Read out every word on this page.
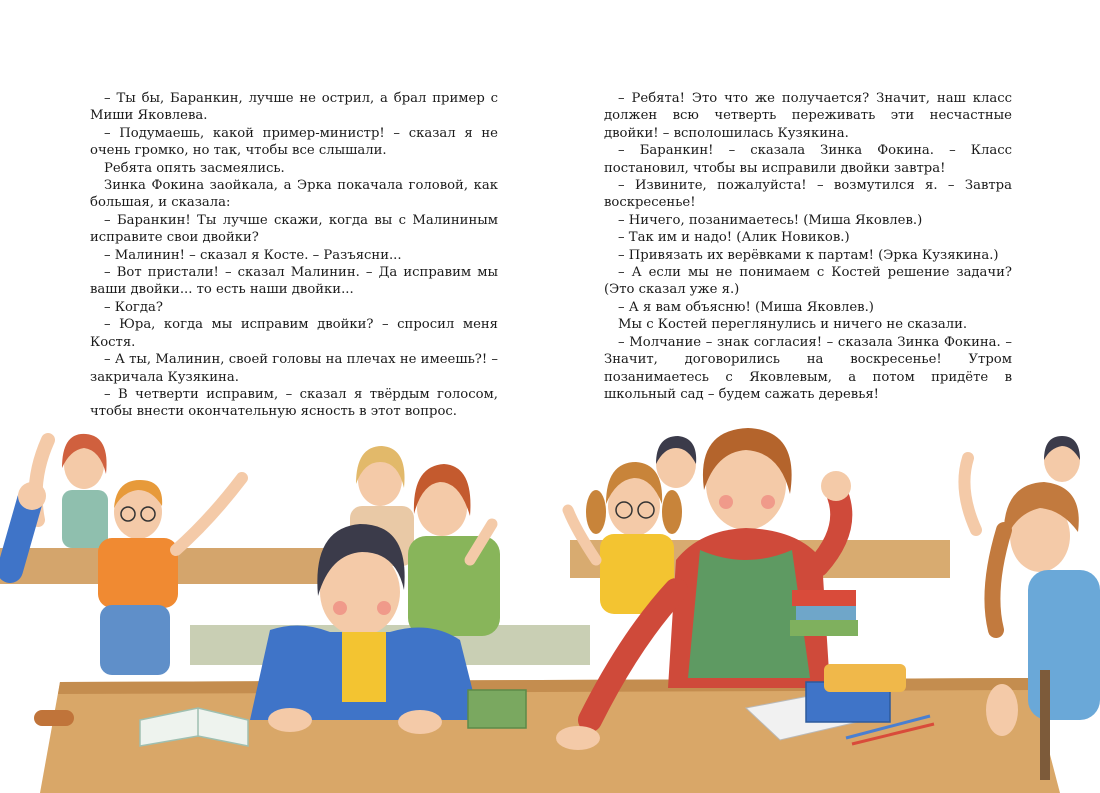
– Ты бы, Баранкин, лучше не острил, а брал пример с Миши Яковлева.

– Подумаешь, какой пример-министр! – сказал я не очень громко, но так, чтобы все слышали.

Ребята опять засмеялись.

Зинка Фокина заойкала, а Эрка покачала головой, как большая, и сказала:

– Баранкин! Ты лучше скажи, когда вы с Малининым исправите свои двойки?

– Малинин! – сказал я Косте. – Разъясни...

– Вот пристали! – сказал Малинин. – Да исправим мы ваши двойки... то есть наши двойки...

– Когда?

– Юра, когда мы исправим двойки? – спросил меня Костя.

– А ты, Малинин, своей головы на плечах не имеешь?! – закричала Кузякина.

– В четверти исправим, – сказал я твёрдым голосом, чтобы внести окончательную ясность в этот вопрос.

– Ребята! Это что же получается? Значит, наш класс должен всю четверть переживать эти несчастные двойки! – всполошилась Кузякина.

– Баранкин! – сказала Зинка Фокина. – Класс постановил, чтобы вы исправили двойки завтра!

– Извините, пожалуйста! – возмутился я. – Завтра воскресенье!

– Ничего, позанимаетесь! (Миша Яковлев.)

– Так им и надо! (Алик Новиков.)

– Привязать их верёвками к партам! (Эрка Кузякина.)

– А если мы не понимаем с Костей решение задачи? (Это сказал уже я.)

– А я вам объясню! (Миша Яковлев.)

Мы с Костей переглянулись и ничего не сказали.

– Молчание – знак согласия! – сказала Зинка Фокина. – Значит, договорились на воскресенье! Утром позанимаетесь с Яковлевым, а потом придёте в школьный сад – будем сажать деревья!
